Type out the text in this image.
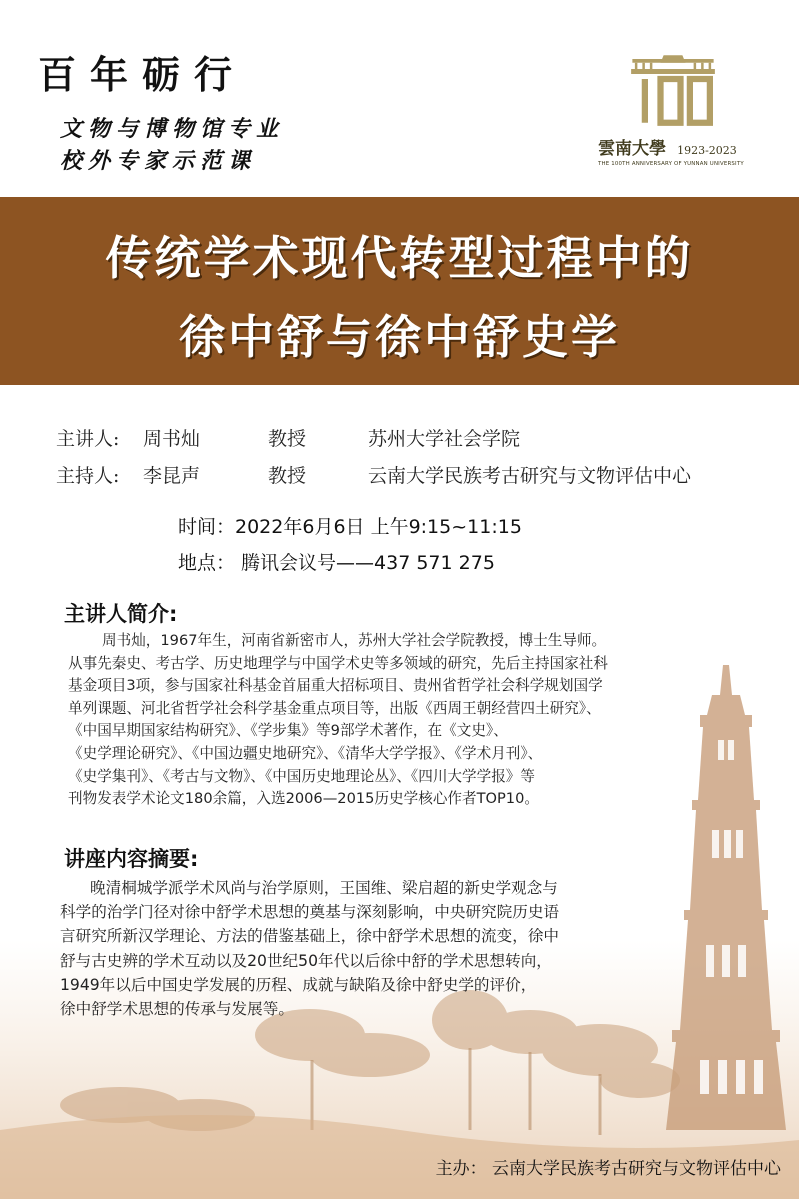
百年砺行
文物与博物馆专业
校外专家示范课	雲南大學 1923-2023
THE 100TH ANNIVERSARY OF YUNNAN UNIVERSITY
传统学术现代转型过程中的
徐中舒与徐中舒史学
主讲人: 周书灿	教授	苏州大学社会学院
主持人: 李昆声	教授	云南大学民族考古研究与文物评估中心
时间：2022年6月6日 上午9:15~11:15
地点： 腾讯会议号——437 571 275
主讲人简介:
周书灿，1967年生，河南省新密市人，苏州大学社会学院教授，博士生导师。
从事先秦史、考古学、历史地理学与中国学术史等多领域的研究，先后主持国家社科
基金项目3项，参与国家社科基金首届重大招标项目、贵州省哲学社会科学规划国学
单列课题、河北省哲学社会科学基金重点项目等，出版《西周王朝经营四土研究》、
《中国早期国家结构研究》、《学步集》等9部学术著作，在《文史》、
《史学理论研究》、《中国边疆史地研究》、《清华大学学报》、《学术月刊》、
《史学集刊》、《考古与文物》、《中国历史地理论丛》、《四川大学学报》等
刊物发表学术论文180余篇，入选2006—2015历史学核心作者TOP10。
讲座内容摘要:
晚清桐城学派学术风尚与治学原则，王国维、梁启超的新史学观念与
科学的治学门径对徐中舒学术思想的奠基与深刻影响，中央研究院历史语
言研究所新汉学理论、方法的借鉴基础上，徐中舒学术思想的流变，徐中
舒与古史辨的学术互动以及20世纪50年代以后徐中舒的学术思想转向，
1949年以后中国史学发展的历程、成就与缺陷及徐中舒史学的评价，
徐中舒学术思想的传承与发展等。
主办： 云南大学民族考古研究与文物评估中心
